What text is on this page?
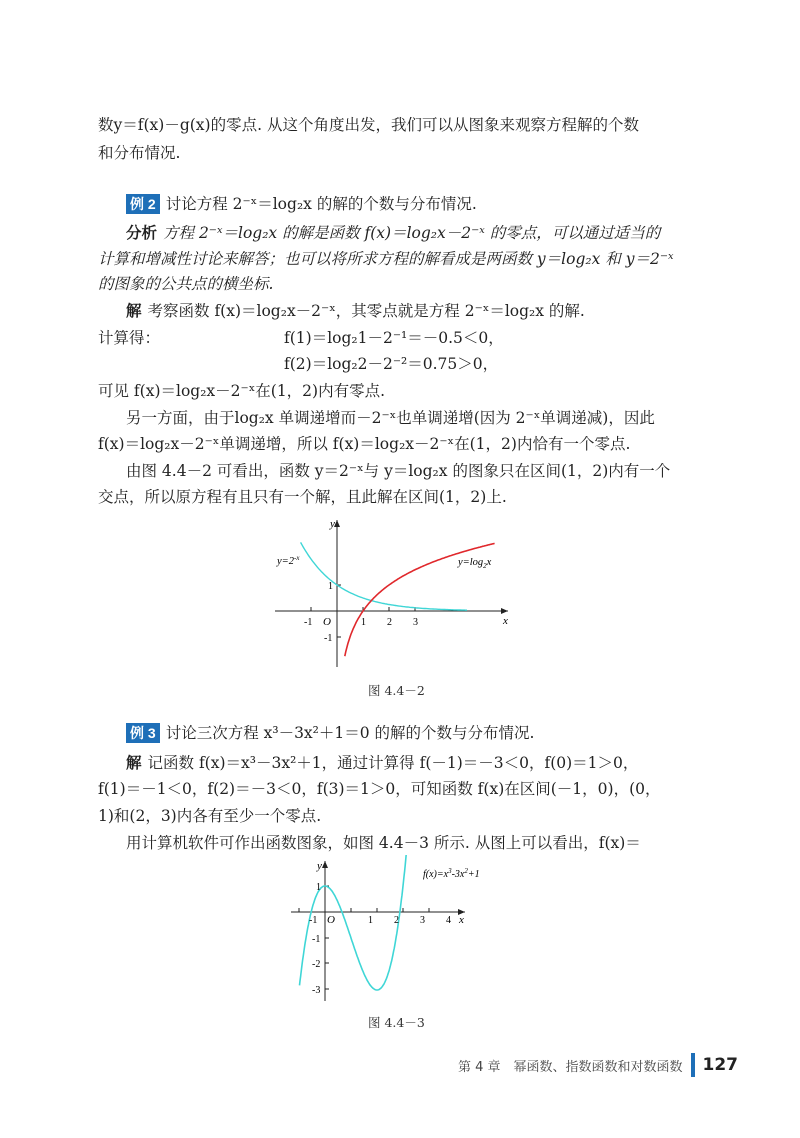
数y＝f(x)－g(x)的零点. 从这个角度出发，我们可以从图象来观察方程解的个数
和分布情况.
例 2 讨论方程 2⁻ˣ＝log₂x 的解的个数与分布情况.
分析 方程 2⁻ˣ＝log₂x 的解是函数 f(x)＝log₂x－2⁻ˣ 的零点，可以通过适当的
计算和增减性讨论来解答；也可以将所求方程的解看成是两函数 y＝log₂x 和 y＝2⁻ˣ
的图象的公共点的横坐标.
解 考察函数 f(x)＝log₂x－2⁻ˣ，其零点就是方程 2⁻ˣ＝log₂x 的解.
计算得：	f(1)＝log₂1－2⁻¹＝－0.5＜0，
f(2)＝log₂2－2⁻²＝0.75＞0，
可见 f(x)＝log₂x－2⁻ˣ在(1，2)内有零点.
另一方面，由于log₂x 单调递增而－2⁻ˣ也单调递增(因为 2⁻ˣ单调递减)，因此
f(x)＝log₂x－2⁻ˣ单调递增，所以 f(x)＝log₂x－2⁻ˣ在(1，2)内恰有一个零点.
由图 4.4－2 可看出，函数 y＝2⁻ˣ与 y＝log₂x 的图象只在区间(1，2)内有一个
交点，所以原方程有且只有一个解，且此解在区间(1，2)上.
y
x
O
-1	1 2 3
1
-1
$y=2^{-x}$	$y=\log_2x$
图 4.4－2
例 3 讨论三次方程 x³－3x²＋1＝0 的解的个数与分布情况.
解 记函数 f(x)＝x³－3x²＋1，通过计算得 f(－1)＝－3＜0，f(0)＝1＞0，
f(1)＝－1＜0，f(2)＝－3＜0，f(3)＝1＞0，可知函数 f(x)在区间(－1，0)，(0，
1)和(2，3)内各有至少一个零点.
用计算机软件可作出函数图象，如图 4.4－3 所示. 从图上可以看出，f(x)＝
y
x
O
-1	1 2 3 4
1
-1
-2
-3
$f(x)=x^3-3x^2+1$
图 4.4－3
第 4 章　幂函数、指数函数和对数函数 127
